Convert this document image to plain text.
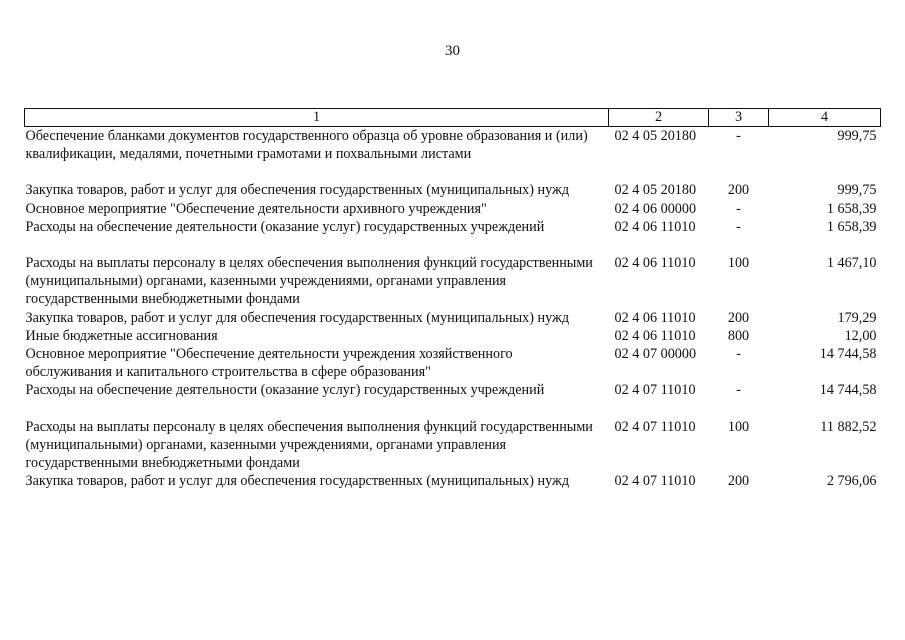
30
1	2	3	4
Обеспечение бланками документов государственного образца об уровне образования и (или) квалификации, медалями, почетными грамотами и похвальными листами	02 4 05 20180	-	999,75
Закупка товаров, работ и услуг для обеспечения государственных (муниципальных) нужд	02 4 05 20180	200	999,75
Основное мероприятие "Обеспечение деятельности архивного учреждения"	02 4 06 00000	-	1 658,39
Расходы на обеспечение деятельности (оказание услуг) государственных учреждений	02 4 06 11010	-	1 658,39
Расходы на выплаты персоналу в целях обеспечения выполнения функций государственными (муниципальными) органами, казенными учреждениями, органами управления государственными внебюджетными фондами	02 4 06 11010	100	1 467,10
Закупка товаров, работ и услуг для обеспечения государственных (муниципальных) нужд	02 4 06 11010	200	179,29
Иные бюджетные ассигнования	02 4 06 11010	800	12,00
Основное мероприятие "Обеспечение деятельности учреждения хозяйственного обслуживания и капитального строительства в сфере образования"	02 4 07 00000	-	14 744,58
Расходы на обеспечение деятельности (оказание услуг) государственных учреждений	02 4 07 11010	-	14 744,58
Расходы на выплаты персоналу в целях обеспечения выполнения функций государственными (муниципальными) органами, казенными учреждениями, органами управления государственными внебюджетными фондами	02 4 07 11010	100	11 882,52
Закупка товаров, работ и услуг для обеспечения государственных (муниципальных) нужд	02 4 07 11010	200	2 796,06
